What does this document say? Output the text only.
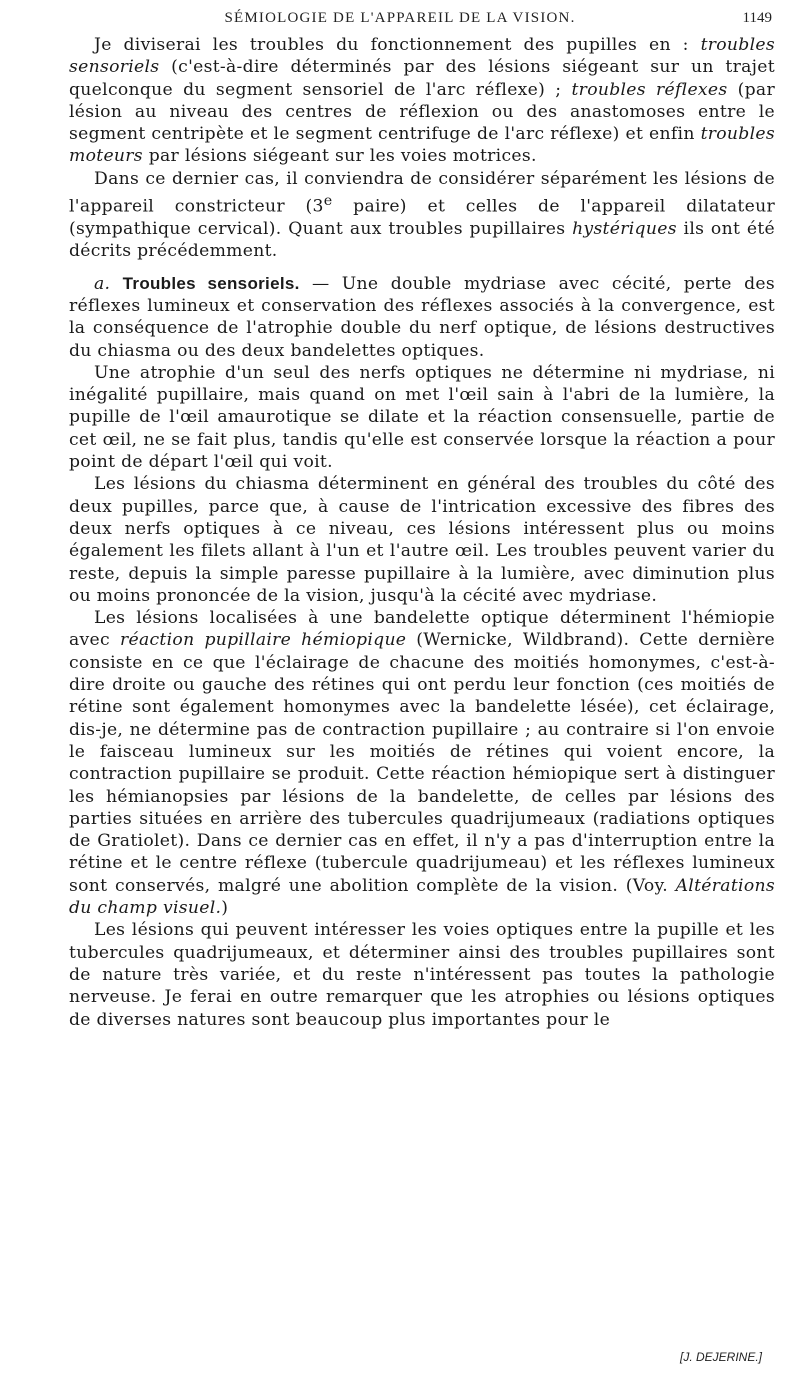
SÉMIOLOGIE DE L'APPAREIL DE LA VISION.	1149

Je diviserai les troubles du fonctionnement des pupilles en : troubles sensoriels (c'est-à-dire déterminés par des lésions siégeant sur un trajet quelconque du segment sensoriel de l'arc réflexe) ; troubles réflexes (par lésion au niveau des centres de réflexion ou des anastomoses entre le segment centripète et le segment centrifuge de l'arc réflexe) et enfin troubles moteurs par lésions siégeant sur les voies motrices.

Dans ce dernier cas, il conviendra de considérer séparément les lésions de l'appareil constricteur (3e paire) et celles de l'appareil dilatateur (sympathique cervical). Quant aux troubles pupillaires hystériques ils ont été décrits précédemment.

a. Troubles sensoriels. — Une double mydriase avec cécité, perte des réflexes lumineux et conservation des réflexes associés à la convergence, est la conséquence de l'atrophie double du nerf optique, de lésions destructives du chiasma ou des deux bandelettes optiques.

Une atrophie d'un seul des nerfs optiques ne détermine ni mydriase, ni inégalité pupillaire, mais quand on met l'œil sain à l'abri de la lumière, la pupille de l'œil amaurotique se dilate et la réaction consensuelle, partie de cet œil, ne se fait plus, tandis qu'elle est conservée lorsque la réaction a pour point de départ l'œil qui voit.

Les lésions du chiasma déterminent en général des troubles du côté des deux pupilles, parce que, à cause de l'intrication excessive des fibres des deux nerfs optiques à ce niveau, ces lésions intéressent plus ou moins également les filets allant à l'un et l'autre œil. Les troubles peuvent varier du reste, depuis la simple paresse pupillaire à la lumière, avec diminution plus ou moins prononcée de la vision, jusqu'à la cécité avec mydriase.

Les lésions localisées à une bandelette optique déterminent l'hémiopie avec réaction pupillaire hémiopique (Wernicke, Wildbrand). Cette dernière consiste en ce que l'éclairage de chacune des moitiés homonymes, c'est-à-dire droite ou gauche des rétines qui ont perdu leur fonction (ces moitiés de rétine sont également homonymes avec la bandelette lésée), cet éclairage, dis-je, ne détermine pas de contraction pupillaire ; au contraire si l'on envoie le faisceau lumineux sur les moitiés de rétines qui voient encore, la contraction pupillaire se produit. Cette réaction hémiopique sert à distinguer les hémianopsies par lésions de la bandelette, de celles par lésions des parties situées en arrière des tubercules quadrijumeaux (radiations optiques de Gratiolet). Dans ce dernier cas en effet, il n'y a pas d'interruption entre la rétine et le centre réflexe (tubercule quadrijumeau) et les réflexes lumineux sont conservés, malgré une abolition complète de la vision. (Voy. Altérations du champ visuel.)

Les lésions qui peuvent intéresser les voies optiques entre la pupille et les tubercules quadrijumeaux, et déterminer ainsi des troubles pupillaires sont de nature très variée, et du reste n'intéressent pas toutes la pathologie nerveuse. Je ferai en outre remarquer que les atrophies ou lésions optiques de diverses natures sont beaucoup plus importantes pour le

[J. DEJERINE.]
